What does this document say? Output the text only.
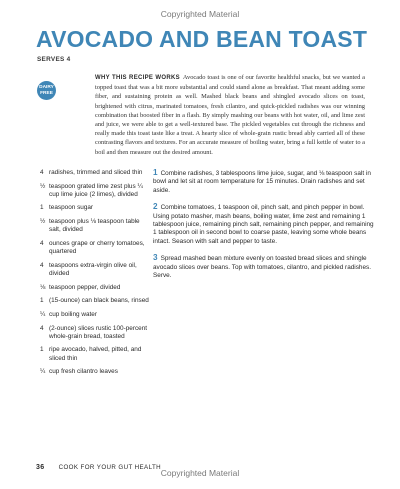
Copyrighted Material
AVOCADO AND BEAN TOAST
SERVES 4
DAIRY
FREE
WHY THIS RECIPE WORKS Avocado toast is one of our favorite healthful snacks, but we wanted a topped toast that was a bit more substantial and could stand alone as breakfast. That meant adding some fiber, and sustaining protein as well. Mashed black beans and shingled avocado slices on toast, brightened with citrus, marinated tomatoes, fresh cilantro, and quick-pickled radishes was our winning combination that boosted fiber in a flash. By simply mashing our beans with hot water, oil, and lime zest and juice, we were able to get a well-textured base. The pickled vegetables cut through the richness and really made this toast taste like a treat. A hearty slice of whole-grain rustic bread ably carried all of these contrasting flavors and textures. For an accurate measure of boiling water, bring a full kettle of water to a boil and then measure out the desired amount.
4 radishes, trimmed and sliced thin
½ teaspoon grated lime zest plus ¼ cup lime juice (2 limes), divided
1 teaspoon sugar
½ teaspoon plus ⅛ teaspoon table salt, divided
4 ounces grape or cherry tomatoes, quartered
4 teaspoons extra-virgin olive oil, divided
⅛ teaspoon pepper, divided
1 (15-ounce) can black beans, rinsed
¼ cup boiling water
4 (2-ounce) slices rustic 100-percent whole-grain bread, toasted
1 ripe avocado, halved, pitted, and sliced thin
¼ cup fresh cilantro leaves
1 Combine radishes, 3 tablespoons lime juice, sugar, and ⅛ teaspoon salt in bowl and let sit at room temperature for 15 minutes. Drain radishes and set aside.
2 Combine tomatoes, 1 teaspoon oil, pinch salt, and pinch pepper in bowl. Using potato masher, mash beans, boiling water, lime zest and remaining 1 tablespoon juice, remaining pinch salt, remaining pinch pepper, and remaining 1 tablespoon oil in second bowl to coarse paste, leaving some whole beans intact. Season with salt and pepper to taste.
3 Spread mashed bean mixture evenly on toasted bread slices and shingle avocado slices over beans. Top with tomatoes, cilantro, and pickled radishes. Serve.
36 COOK FOR YOUR GUT HEALTH
Copyrighted Material
